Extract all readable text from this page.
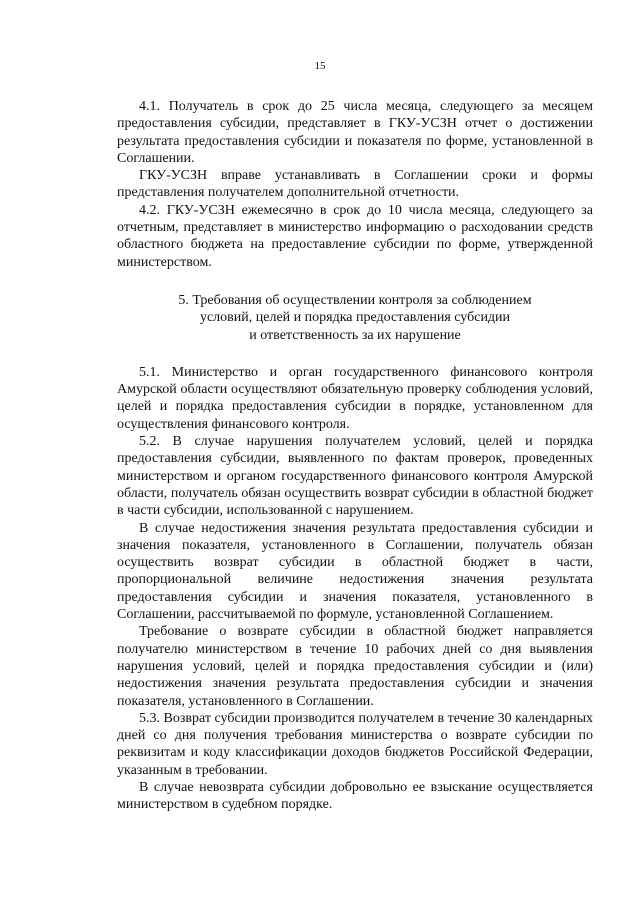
15

4.1. Получатель в срок до 25 числа месяца, следующего за месяцем предоставления субсидии, представляет в ГКУ-УСЗН отчет о достижении результата предоставления субсидии и показателя по форме, установленной в Соглашении.

ГКУ-УСЗН вправе устанавливать в Соглашении сроки и формы представления получателем дополнительной отчетности.

4.2. ГКУ-УСЗН ежемесячно в срок до 10 числа месяца, следующего за отчетным, представляет в министерство информацию о расходовании средств областного бюджета на предоставление субсидии по форме, утвержденной министерством.

5. Требования об осуществлении контроля за соблюдением
условий, целей и порядка предоставления субсидии
и ответственность за их нарушение

5.1. Министерство и орган государственного финансового контроля Амурской области осуществляют обязательную проверку соблюдения условий, целей и порядка предоставления субсидии в порядке, установленном для осуществления финансового контроля.

5.2. В случае нарушения получателем условий, целей и порядка предоставления субсидии, выявленного по фактам проверок, проведенных министерством и органом государственного финансового контроля Амурской области, получатель обязан осуществить возврат субсидии в областной бюджет в части субсидии, использованной с нарушением.

В случае недостижения значения результата предоставления субсидии и значения показателя, установленного в Соглашении, получатель обязан осуществить возврат субсидии в областной бюджет в части, пропорциональной величине недостижения значения результата предоставления субсидии и значения показателя, установленного в Соглашении, рассчитываемой по формуле, установленной Соглашением.

Требование о возврате субсидии в областной бюджет направляется получателю министерством в течение 10 рабочих дней со дня выявления нарушения условий, целей и порядка предоставления субсидии и (или) недостижения значения результата предоставления субсидии и значения показателя, установленного в Соглашении.

5.3. Возврат субсидии производится получателем в течение 30 календарных дней со дня получения требования министерства о возврате субсидии по реквизитам и коду классификации доходов бюджетов Российской Федерации, указанным в требовании.

В случае невозврата субсидии добровольно ее взыскание осуществляется министерством в судебном порядке.
